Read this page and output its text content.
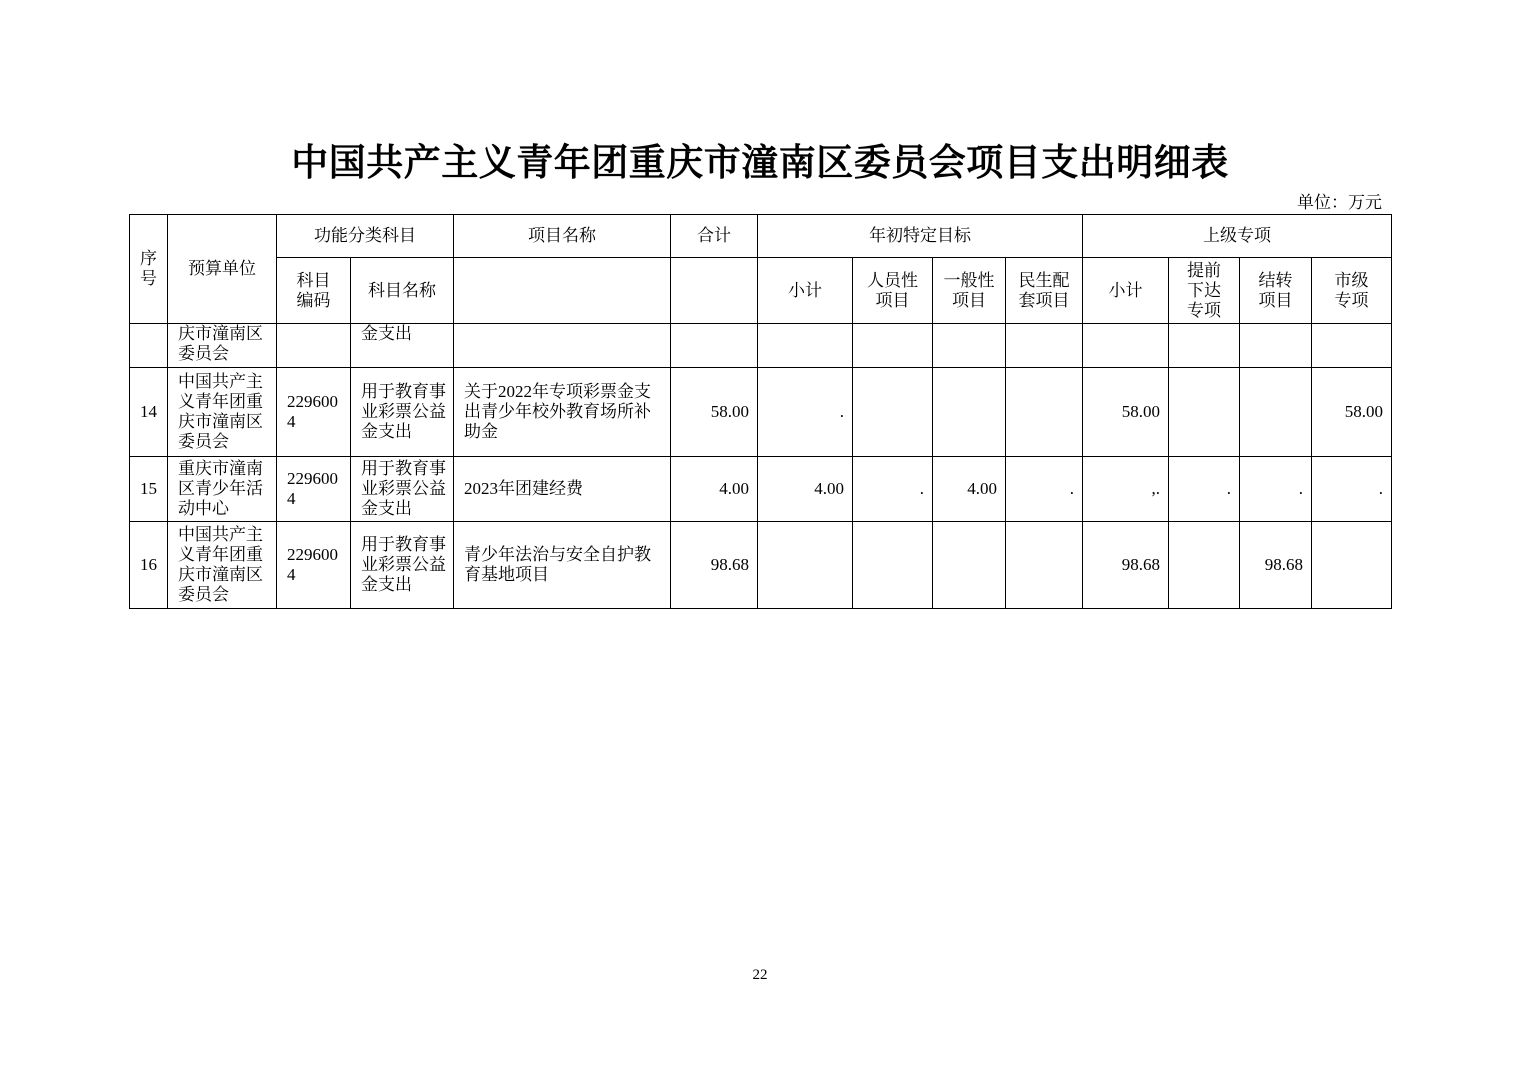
中国共产主义青年团重庆市潼南区委员会项目支出明细表
单位：万元
序号	预算单位	功能分类科目		项目名称	合计	年初特定目标				上级专项			
		科目编码	科目名称			小计	人员性项目	一般性项目	民生配套项目	小计	提前下达专项	结转项目	市级专项
	庆市潼南区委员会		金支出										
14	中国共产主义青年团重庆市潼南区委员会	2296004	用于教育事业彩票公益金支出	关于2022年专项彩票金支出青少年校外教育场所补助金	58.00	.				58.00			58.00
15	重庆市潼南区青少年活动中心	2296004	用于教育事业彩票公益金支出	2023年团建经费	4.00	4.00	.	4.00	.	,.	.	.	.
16	中国共产主义青年团重庆市潼南区委员会	2296004	用于教育事业彩票公益金支出	青少年法治与安全自护教育基地项目	98.68					98.68		98.68	
22
